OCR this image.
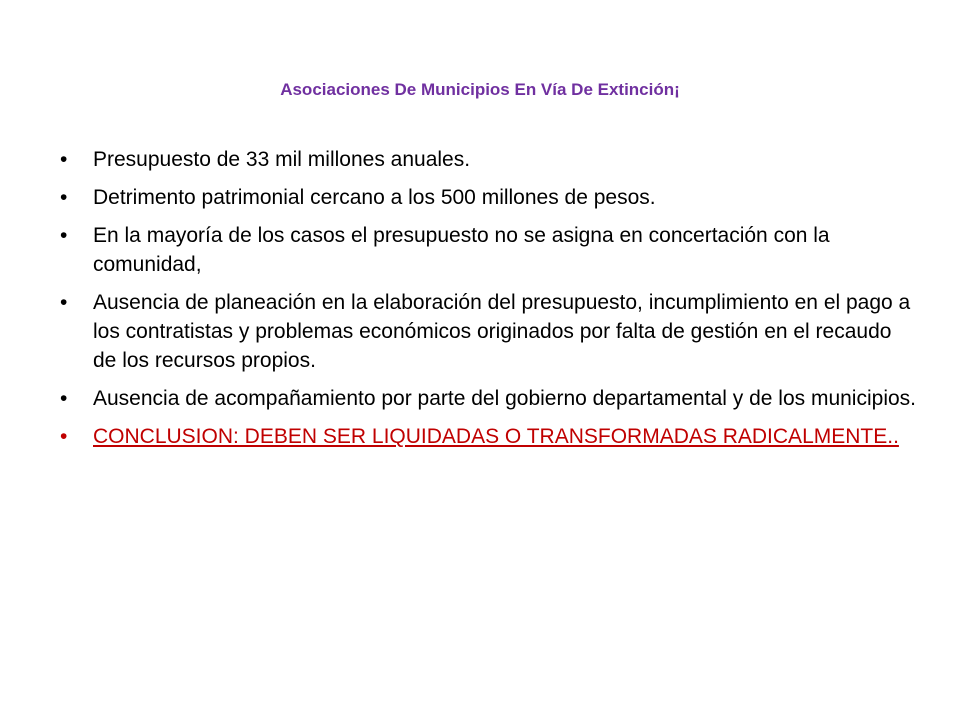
Asociaciones De Municipios En Vía De Extinción¡
•	Presupuesto de 33 mil millones anuales.
•	Detrimento patrimonial cercano a los 500 millones de pesos.
•	En la mayoría de los casos el presupuesto no se asigna en concertación con la comunidad,
•	Ausencia de planeación en la elaboración del presupuesto, incumplimiento en el pago a los contratistas y problemas económicos originados por falta de gestión en el recaudo de los recursos propios.
•	Ausencia de acompañamiento por parte del gobierno departamental y de los municipios.
•	CONCLUSION: DEBEN SER LIQUIDADAS O TRANSFORMADAS RADICALMENTE..
